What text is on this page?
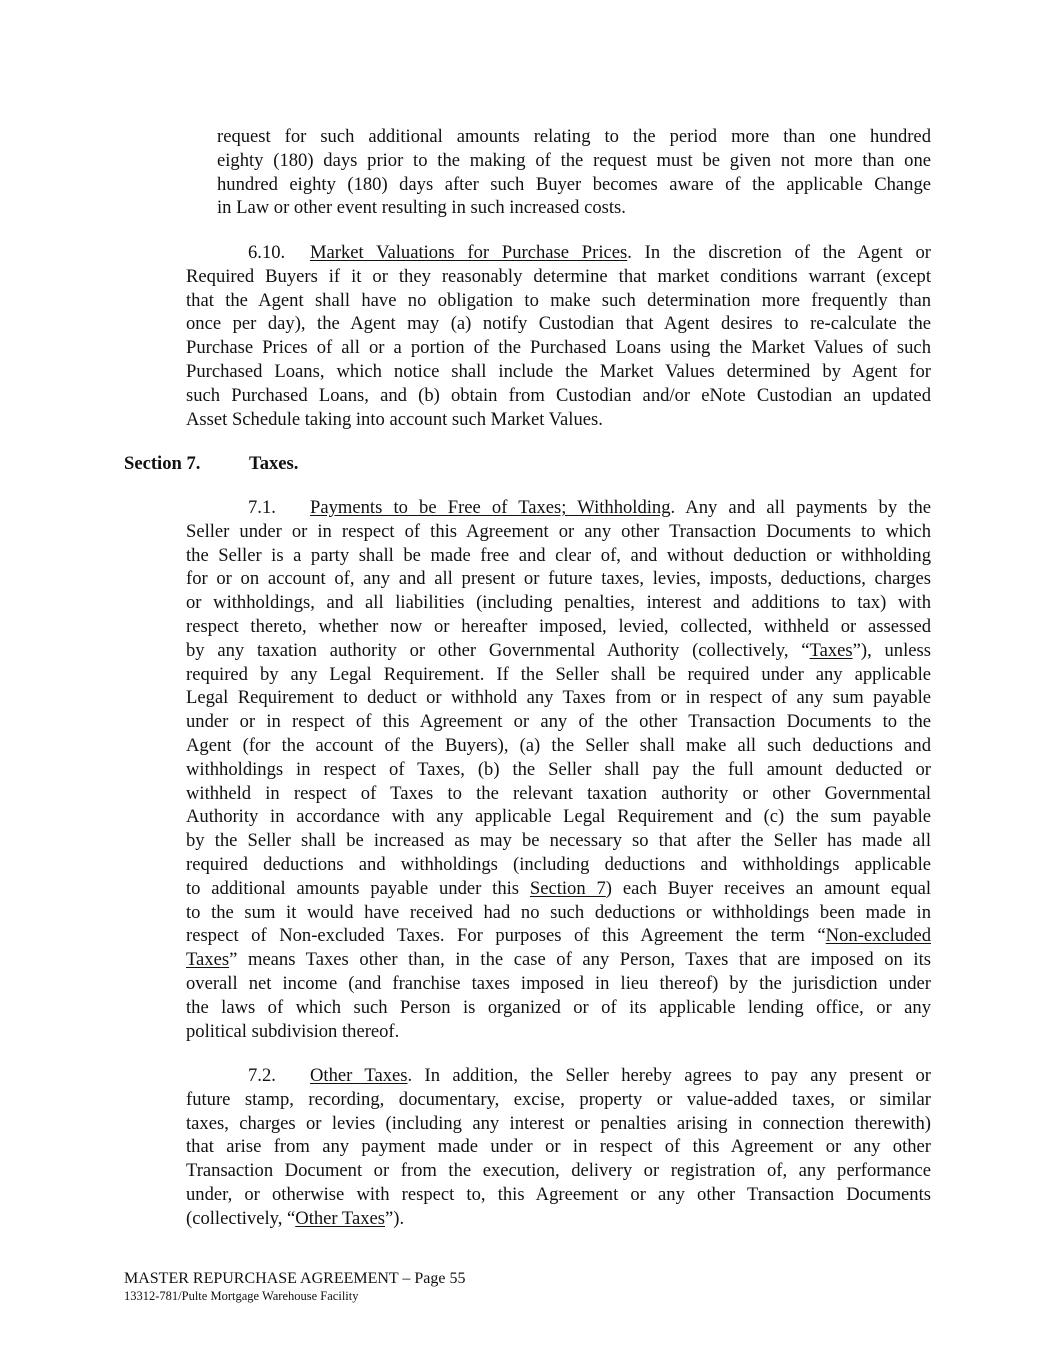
request for such additional amounts relating to the period more than one hundred
eighty (180) days prior to the making of the request must be given not more than one
hundred eighty (180) days after such Buyer becomes aware of the applicable Change
in Law or other event resulting in such increased costs.
6.10. Market Valuations for Purchase Prices. In the discretion of the Agent or
Required Buyers if it or they reasonably determine that market conditions warrant (except
that the Agent shall have no obligation to make such determination more frequently than
once per day), the Agent may (a) notify Custodian that Agent desires to re-calculate the
Purchase Prices of all or a portion of the Purchased Loans using the Market Values of such
Purchased Loans, which notice shall include the Market Values determined by Agent for
such Purchased Loans, and (b) obtain from Custodian and/or eNote Custodian an updated
Asset Schedule taking into account such Market Values.
Section 7.	Taxes.
7.1. Payments to be Free of Taxes; Withholding. Any and all payments by the
Seller under or in respect of this Agreement or any other Transaction Documents to which
the Seller is a party shall be made free and clear of, and without deduction or withholding
for or on account of, any and all present or future taxes, levies, imposts, deductions, charges
or withholdings, and all liabilities (including penalties, interest and additions to tax) with
respect thereto, whether now or hereafter imposed, levied, collected, withheld or assessed
by any taxation authority or other Governmental Authority (collectively, “Taxes”), unless
required by any Legal Requirement. If the Seller shall be required under any applicable
Legal Requirement to deduct or withhold any Taxes from or in respect of any sum payable
under or in respect of this Agreement or any of the other Transaction Documents to the
Agent (for the account of the Buyers), (a) the Seller shall make all such deductions and
withholdings in respect of Taxes, (b) the Seller shall pay the full amount deducted or
withheld in respect of Taxes to the relevant taxation authority or other Governmental
Authority in accordance with any applicable Legal Requirement and (c) the sum payable
by the Seller shall be increased as may be necessary so that after the Seller has made all
required deductions and withholdings (including deductions and withholdings applicable
to additional amounts payable under this Section 7) each Buyer receives an amount equal
to the sum it would have received had no such deductions or withholdings been made in
respect of Non-excluded Taxes. For purposes of this Agreement the term “Non-excluded
Taxes” means Taxes other than, in the case of any Person, Taxes that are imposed on its
overall net income (and franchise taxes imposed in lieu thereof) by the jurisdiction under
the laws of which such Person is organized or of its applicable lending office, or any
political subdivision thereof.
7.2. Other Taxes. In addition, the Seller hereby agrees to pay any present or
future stamp, recording, documentary, excise, property or value-added taxes, or similar
taxes, charges or levies (including any interest or penalties arising in connection therewith)
that arise from any payment made under or in respect of this Agreement or any other
Transaction Document or from the execution, delivery or registration of, any performance
under, or otherwise with respect to, this Agreement or any other Transaction Documents
(collectively, “Other Taxes”).
MASTER REPURCHASE AGREEMENT – Page 55
13312-781/Pulte Mortgage Warehouse Facility
